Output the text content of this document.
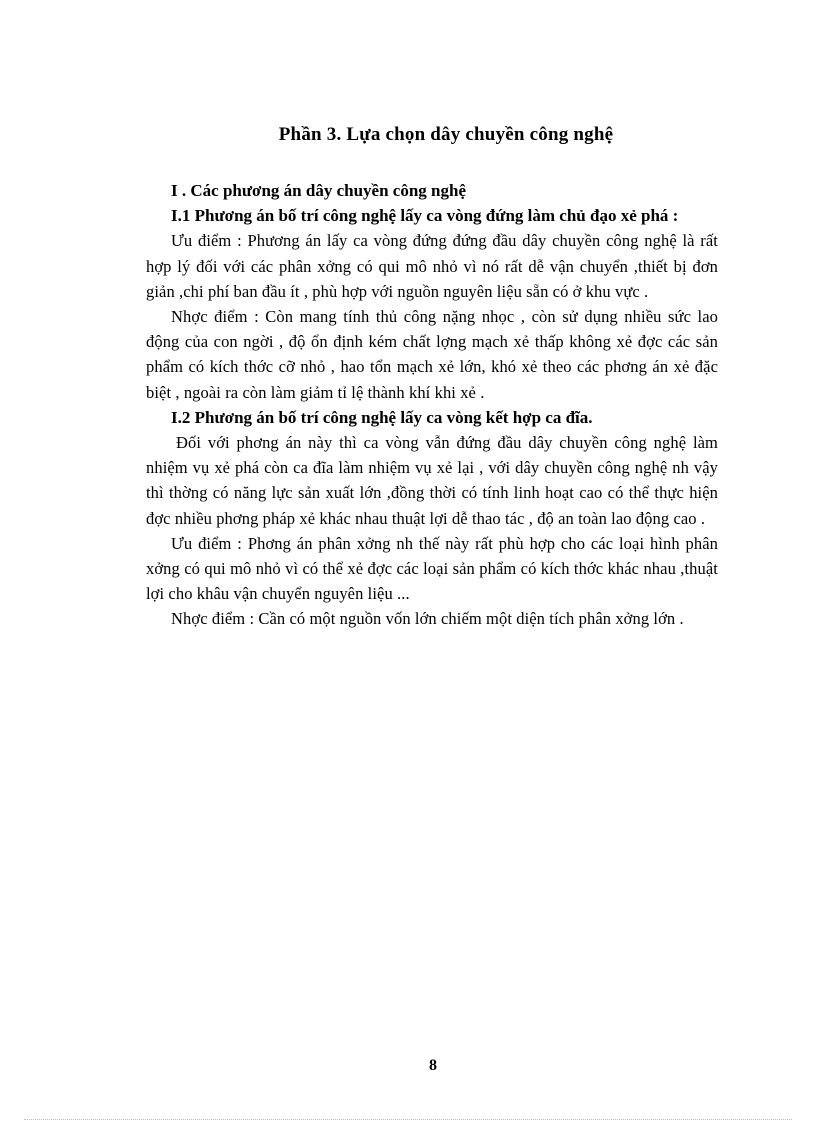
Phần 3. Lựa chọn dây chuyền công nghệ

I . Các phương án dây chuyền công nghệ

I.1 Phương án bố trí công nghệ lấy ca vòng đứng làm chủ đạo xẻ phá :

Ưu điểm : Phương án lấy ca vòng đứng đứng đầu dây chuyền công nghệ là rất hợp lý đối với các phân xởng có qui mô nhỏ vì nó rất dễ vận chuyển ,thiết bị đơn giản ,chi phí ban đầu ít , phù hợp với nguồn nguyên liệu sẵn có ở khu vực .

Nhợc điểm : Còn mang tính thủ công nặng nhọc , còn sử dụng nhiều sức lao động của con ngời , độ ổn định kém chất lợng mạch xẻ thấp không xẻ đợc các sản phẩm có kích thớc cỡ nhỏ , hao tổn mạch xẻ lớn, khó xẻ theo các phơng án xẻ đặc biệt , ngoài ra còn làm giảm tỉ lệ thành khí khi xẻ .

I.2 Phương án bố trí công nghệ lấy ca vòng kết hợp ca đĩa.

Đối với phơng án này thì ca vòng vẫn đứng đầu dây chuyền công nghệ làm nhiệm vụ xẻ phá còn ca đĩa làm nhiệm vụ xẻ lại , với dây chuyền công nghệ nh vậy thì thờng có năng lực sản xuất lớn ,đồng thời có tính linh hoạt cao có thể thực hiện đợc nhiều phơng pháp xẻ khác nhau thuật lợi dễ thao tác , độ an toàn lao động cao .

Ưu điểm : Phơng án phân xởng nh thế này rất phù hợp cho các loại hình phân xởng có qui mô nhỏ vì có thể xẻ đợc các loại sản phẩm có kích thớc khác nhau ,thuật lợi cho khâu vận chuyển nguyên liệu ...

Nhợc điểm : Cần có một nguồn vốn lớn chiếm một diện tích phân xởng lớn .

8
